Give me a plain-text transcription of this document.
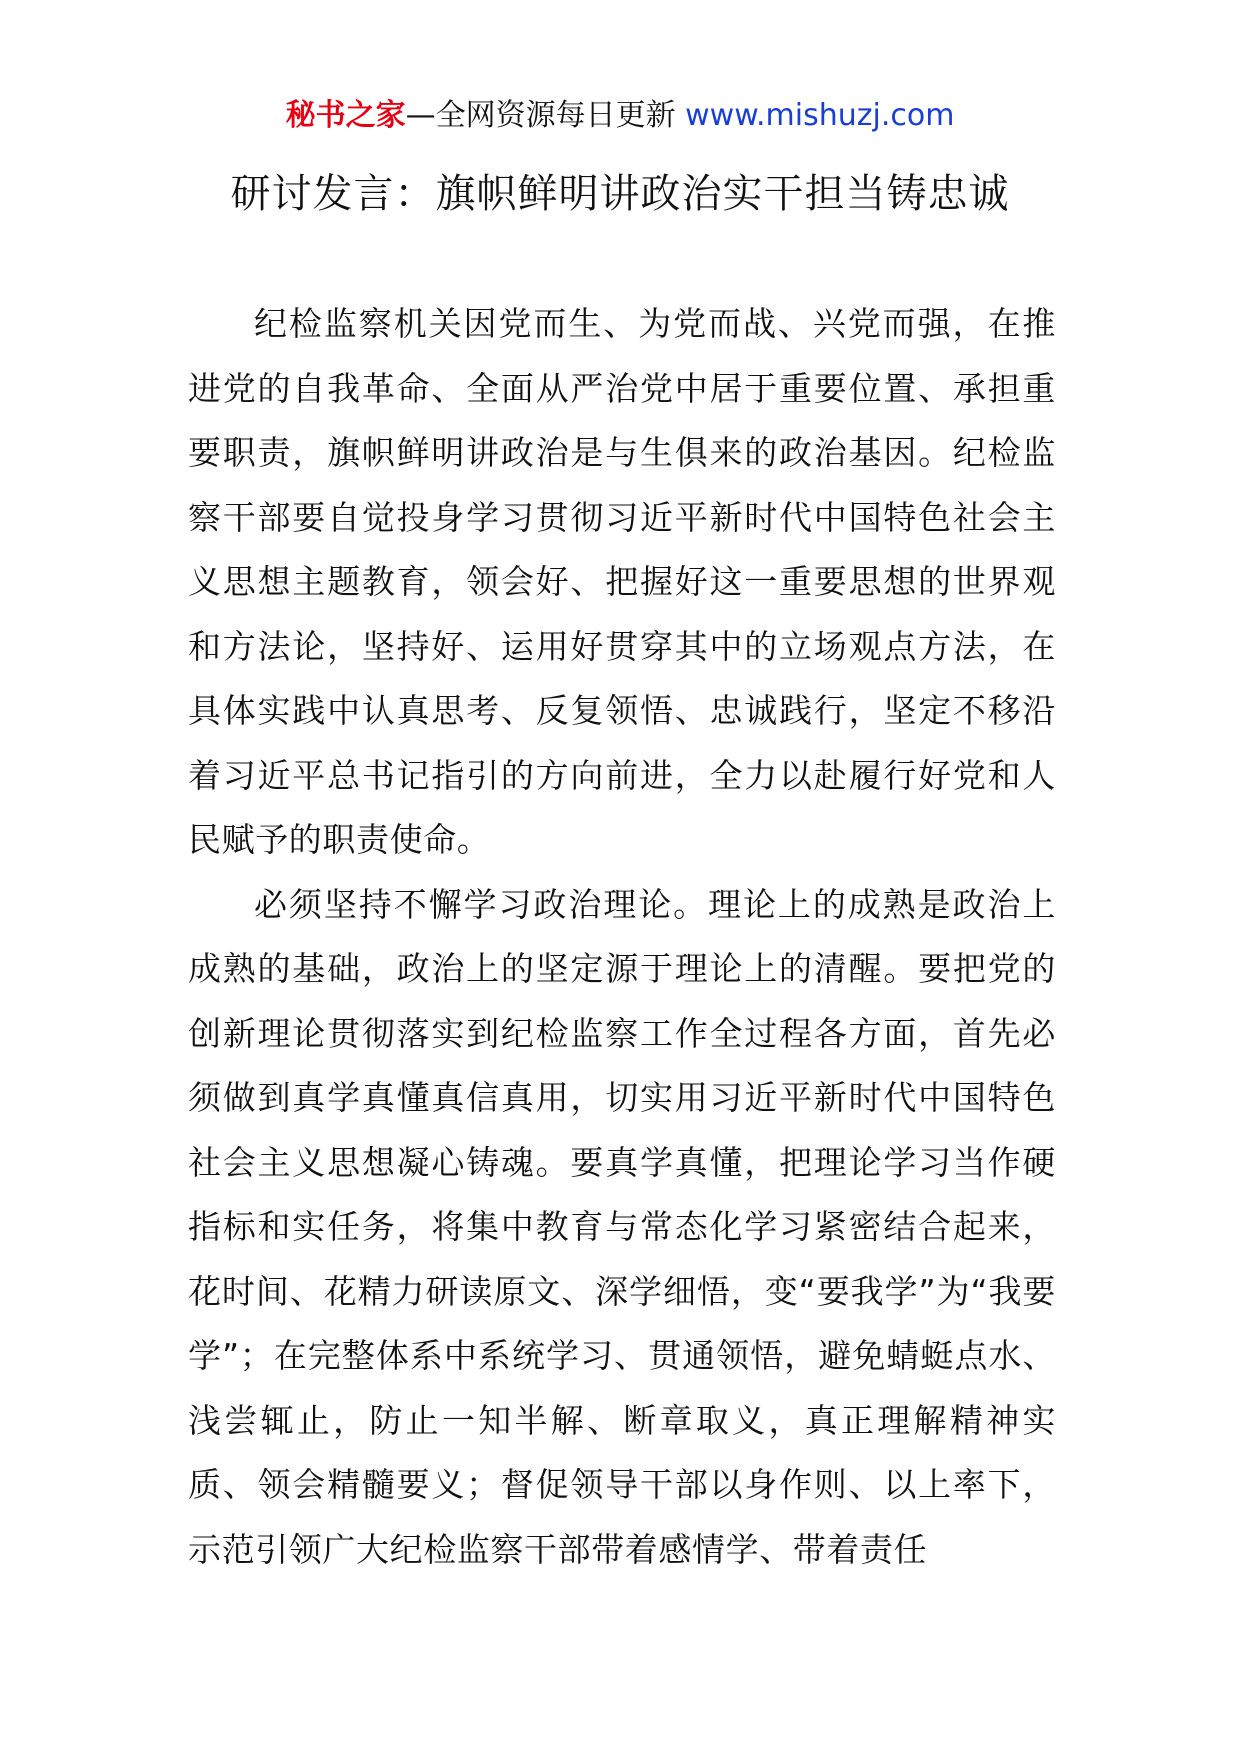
秘书之家—全网资源每日更新 www.mishuzj.com
研讨发言：旗帜鲜明讲政治实干担当铸忠诚

纪检监察机关因党而生、为党而战、兴党而强，在推进党的自我革命、全面从严治党中居于重要位置、承担重要职责，旗帜鲜明讲政治是与生俱来的政治基因。纪检监察干部要自觉投身学习贯彻习近平新时代中国特色社会主义思想主题教育，领会好、把握好这一重要思想的世界观和方法论，坚持好、运用好贯穿其中的立场观点方法，在具体实践中认真思考、反复领悟、忠诚践行，坚定不移沿着习近平总书记指引的方向前进，全力以赴履行好党和人民赋予的职责使命。

必须坚持不懈学习政治理论。理论上的成熟是政治上成熟的基础，政治上的坚定源于理论上的清醒。要把党的创新理论贯彻落实到纪检监察工作全过程各方面，首先必须做到真学真懂真信真用，切实用习近平新时代中国特色社会主义思想凝心铸魂。要真学真懂，把理论学习当作硬指标和实任务，将集中教育与常态化学习紧密结合起来，花时间、花精力研读原文、深学细悟，变“要我学”为“我要学”；在完整体系中系统学习、贯通领悟，避免蜻蜓点水、浅尝辄止，防止一知半解、断章取义，真正理解精神实质、领会精髓要义；督促领导干部以身作则、以上率下，示范引领广大纪检监察干部带着感情学、带着责任
